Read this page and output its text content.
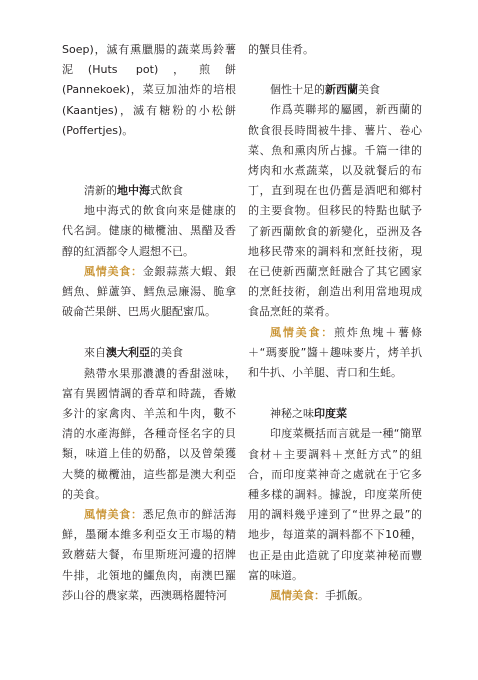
Soep)，滅有熏臘腸的蔬菜馬鈴薯泥(Huts pot)，煎餅(Pannekoek)，菜豆加油炸的培根(Kaantjes)，滅有糖粉的小松餅(Poffertjes)。

清新的地中海式飲食

地中海式的飲食向來是健康的代名詞。健康的橄欖油、黑醋及香醇的紅酒都令人遐想不已。

風情美食：金銀蒜蒸大蝦、銀鱈魚、鮮蘆笋、鱈魚忌廉湯、脆拿破侖芒果餅、巴馬火腿配蜜瓜。

來自澳大利亞的美食

熱帶水果那濃濃的香甜滋味，富有異國情調的香草和時蔬，香嫩多汁的家禽肉、羊羔和牛肉，數不清的水產海鮮，各種奇怪名字的貝類，味道上佳的奶酪，以及曾榮獲大獎的橄欖油，這些都是澳大利亞的美食。

風情美食：悉尼魚市的鮮活海鮮，墨爾本維多利亞女王市場的精致蘑菇大餐，布里斯班河邊的招牌牛排，北領地的鱷魚肉，南澳巴羅莎山谷的農家菜，西澳瑪格麗特河

的蟹貝佳肴。

個性十足的新西蘭美食

作爲英聯邦的屬國，新西蘭的飲食很長時間被牛排、薯片、卷心菜、魚和熏肉所占據。千篇一律的烤肉和水煮蔬菜，以及就餐后的布丁，直到現在也仍舊是酒吧和鄉村的主要食物。但移民的特點也賦予了新西蘭飲食的新變化，亞洲及各地移民帶來的調料和烹飪技術，現在已使新西蘭烹飪融合了其它國家的烹飪技術，創造出利用當地現成食品烹飪的菜肴。

風情美食：煎炸魚塊＋薯條＋“瑪麥脫”醬＋趣味麥片，烤羊扒和牛扒、小羊腿、青口和生蚝。

神秘之味印度菜

印度菜概括而言就是一種“簡單食材＋主要調料＋烹飪方式”的組合，而印度菜神奇之處就在于它多種多樣的調料。據說，印度菜所使用的調料幾乎達到了“世界之最”的地步，每道菜的調料都不下10種，也正是由此造就了印度菜神秘而豐富的味道。

風情美食：手抓飯。
